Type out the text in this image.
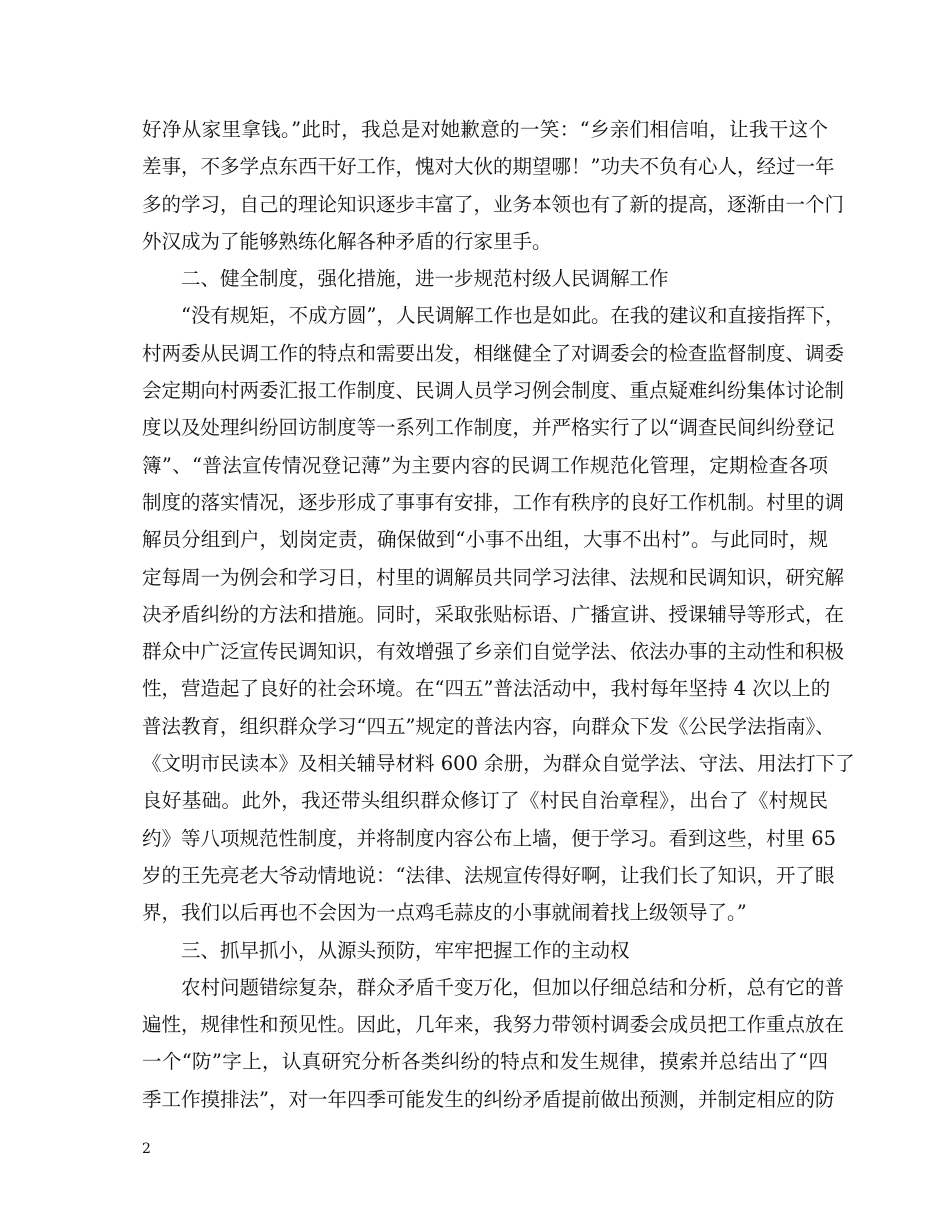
好净从家里拿钱。”此时，我总是对她歉意的一笑：“乡亲们相信咱，让我干这个
差事，不多学点东西干好工作，愧对大伙的期望哪！”功夫不负有心人，经过一年
多的学习，自己的理论知识逐步丰富了，业务本领也有了新的提高，逐渐由一个门
外汉成为了能够熟练化解各种矛盾的行家里手。
二、健全制度，强化措施，进一步规范村级人民调解工作
“没有规矩，不成方圆”，人民调解工作也是如此。在我的建议和直接指挥下，
村两委从民调工作的特点和需要出发，相继健全了对调委会的检查监督制度、调委
会定期向村两委汇报工作制度、民调人员学习例会制度、重点疑难纠纷集体讨论制
度以及处理纠纷回访制度等一系列工作制度，并严格实行了以“调查民间纠纷登记
簿”、“普法宣传情况登记薄”为主要内容的民调工作规范化管理，定期检查各项
制度的落实情况，逐步形成了事事有安排，工作有秩序的良好工作机制。村里的调
解员分组到户，划岗定责，确保做到“小事不出组，大事不出村”。与此同时，规
定每周一为例会和学习日，村里的调解员共同学习法律、法规和民调知识，研究解
决矛盾纠纷的方法和措施。同时，采取张贴标语、广播宣讲、授课辅导等形式，在
群众中广泛宣传民调知识，有效增强了乡亲们自觉学法、依法办事的主动性和积极
性，营造起了良好的社会环境。在“四五”普法活动中，我村每年坚持 4 次以上的
普法教育，组织群众学习“四五”规定的普法内容，向群众下发《公民学法指南》、
《文明市民读本》及相关辅导材料 600 余册，为群众自觉学法、守法、用法打下了
良好基础。此外，我还带头组织群众修订了《村民自治章程》，出台了《村规民
约》等八项规范性制度，并将制度内容公布上墙，便于学习。看到这些，村里 65
岁的王先亮老大爷动情地说：“法律、法规宣传得好啊，让我们长了知识，开了眼
界，我们以后再也不会因为一点鸡毛蒜皮的小事就闹着找上级领导了。”
三、抓早抓小，从源头预防，牢牢把握工作的主动权
农村问题错综复杂，群众矛盾千变万化，但加以仔细总结和分析，总有它的普
遍性，规律性和预见性。因此，几年来，我努力带领村调委会成员把工作重点放在
一个“防”字上，认真研究分析各类纠纷的特点和发生规律，摸索并总结出了“四
季工作摸排法”，对一年四季可能发生的纠纷矛盾提前做出预测，并制定相应的防
2
